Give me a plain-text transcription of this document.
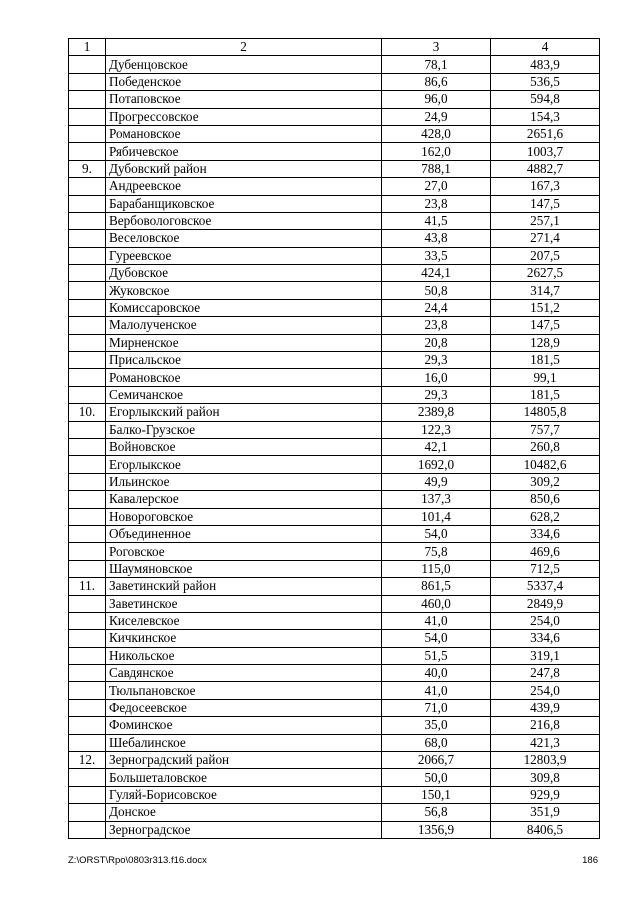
1	2	3	4
	Дубенцовское	78,1	483,9
	Победенское	86,6	536,5
	Потаповское	96,0	594,8
	Прогрессовское	24,9	154,3
	Романовское	428,0	2651,6
	Рябичевское	162,0	1003,7
9.	Дубовский район	788,1	4882,7
	Андреевское	27,0	167,3
	Барабанщиковское	23,8	147,5
	Вербовологовское	41,5	257,1
	Веселовское	43,8	271,4
	Гуреевское	33,5	207,5
	Дубовское	424,1	2627,5
	Жуковское	50,8	314,7
	Комиссаровское	24,4	151,2
	Малолученское	23,8	147,5
	Мирненское	20,8	128,9
	Присальское	29,3	181,5
	Романовское	16,0	99,1
	Семичанское	29,3	181,5
10.	Егорлыкский район	2389,8	14805,8
	Балко-Грузское	122,3	757,7
	Войновское	42,1	260,8
	Егорлыкское	1692,0	10482,6
	Ильинское	49,9	309,2
	Кавалерское	137,3	850,6
	Новороговское	101,4	628,2
	Объединенное	54,0	334,6
	Роговское	75,8	469,6
	Шаумяновское	115,0	712,5
11.	Заветинский район	861,5	5337,4
	Заветинское	460,0	2849,9
	Киселевское	41,0	254,0
	Кичкинское	54,0	334,6
	Никольское	51,5	319,1
	Савдянское	40,0	247,8
	Тюльпановское	41,0	254,0
	Федосеевское	71,0	439,9
	Фоминское	35,0	216,8
	Шебалинское	68,0	421,3
12.	Зерноградский район	2066,7	12803,9
	Большеталовское	50,0	309,8
	Гуляй-Борисовское	150,1	929,9
	Донское	56,8	351,9
	Зерноградское	1356,9	8406,5
Z:\ORST\Rpo\0803r313.f16.docx	186
